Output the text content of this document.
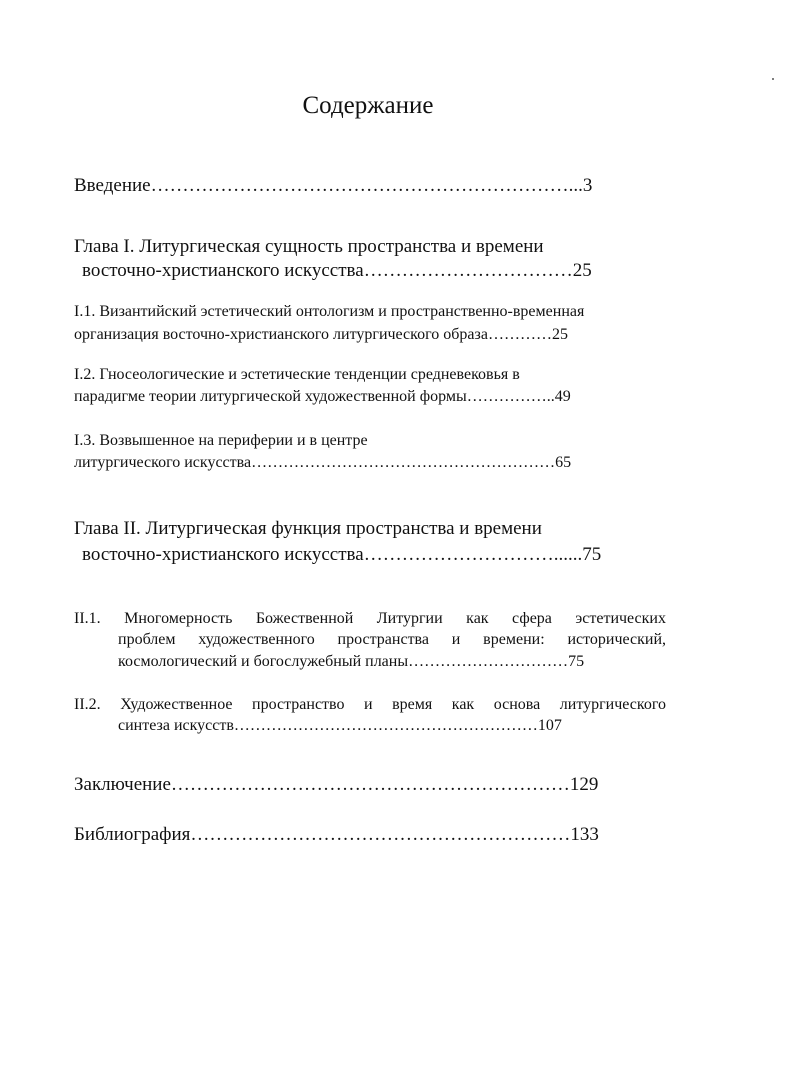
Содержание
Введение…………………………………………………………...3
Глава I. Литургическая сущность пространства и времени
восточно-христианского искусства……………………………25
I.1. Византийский эстетический онтологизм и пространственно-временная
организация восточно-христианского литургического образа…………25
I.2. Гносеологические и эстетические тенденции средневековья в
парадигме теории литургической художественной формы……………..49
I.3. Возвышенное на периферии и в центре
литургического искусства…………………………………………………65
Глава II. Литургическая функция пространства и времени
восточно-христианского искусства…………………………......75
II.1. Многомерность Божественной Литургии как сфера эстетических
проблем художественного пространства и времени: исторический,
космологический и богослужебный планы…………………………75
II.2. Художественное пространство и время как основа литургического
синтеза искусств…………………………………………………107
Заключение………………………………………………………129
Библиография……………………………………………………133
